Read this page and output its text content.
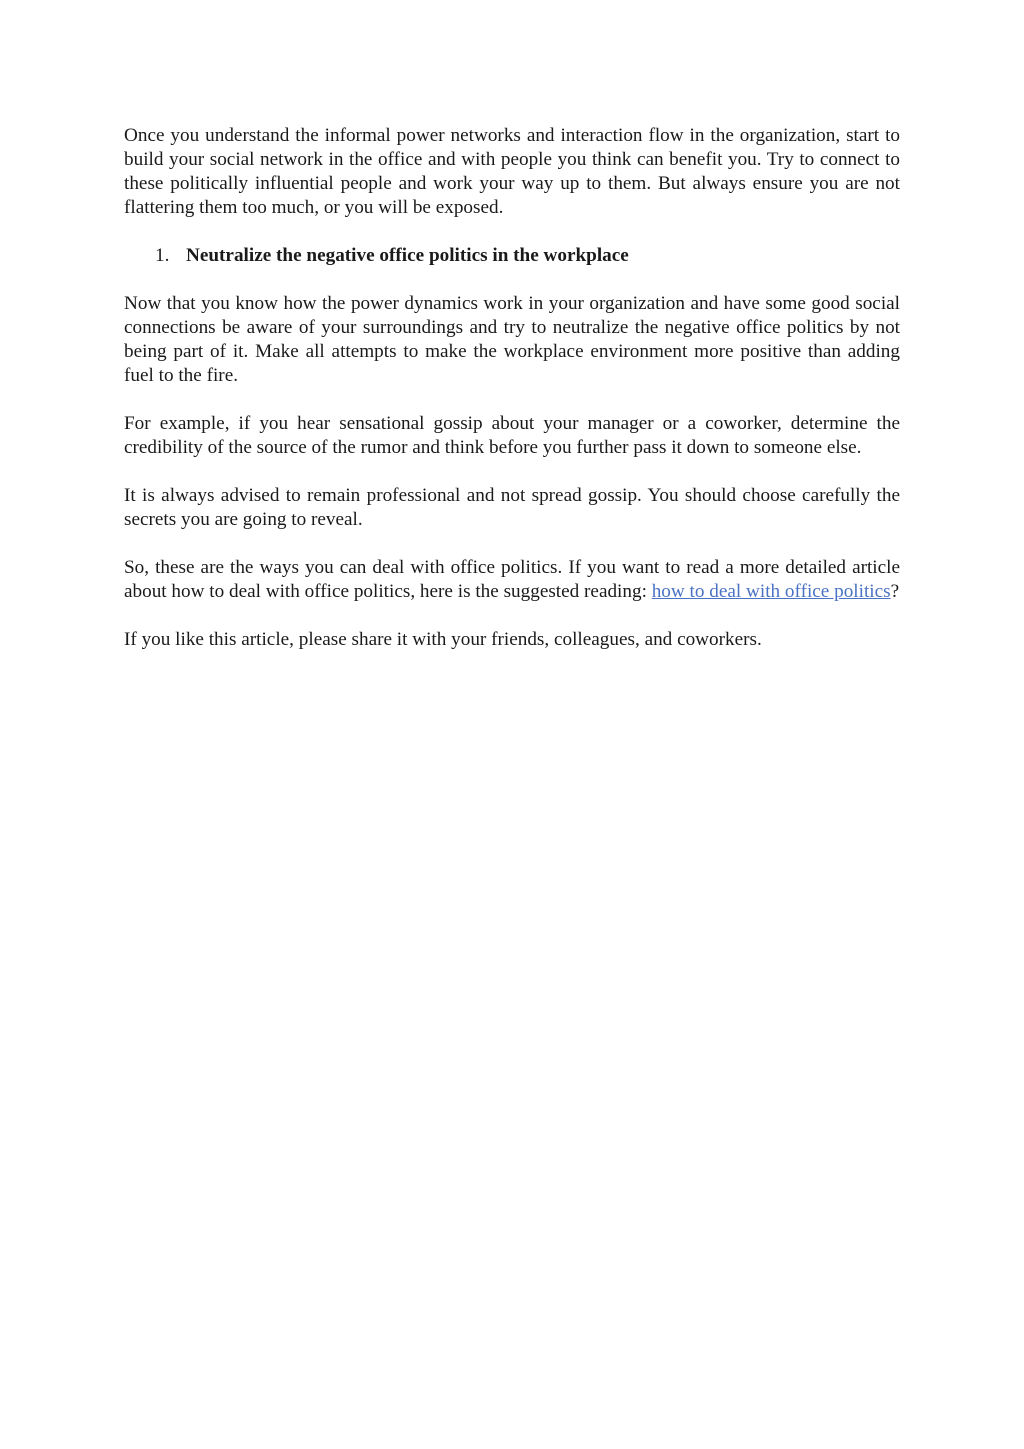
Once you understand the informal power networks and interaction flow in the organization, start to build your social network in the office and with people you think can benefit you. Try to connect to these politically influential people and work your way up to them. But always ensure you are not flattering them too much, or you will be exposed.

1. Neutralize the negative office politics in the workplace

Now that you know how the power dynamics work in your organization and have some good social connections be aware of your surroundings and try to neutralize the negative office politics by not being part of it. Make all attempts to make the workplace environment more positive than adding fuel to the fire.

For example, if you hear sensational gossip about your manager or a coworker, determine the credibility of the source of the rumor and think before you further pass it down to someone else.

It is always advised to remain professional and not spread gossip. You should choose carefully the secrets you are going to reveal.

So, these are the ways you can deal with office politics. If you want to read a more detailed article about how to deal with office politics, here is the suggested reading: how to deal with office politics?

If you like this article, please share it with your friends, colleagues, and coworkers.
